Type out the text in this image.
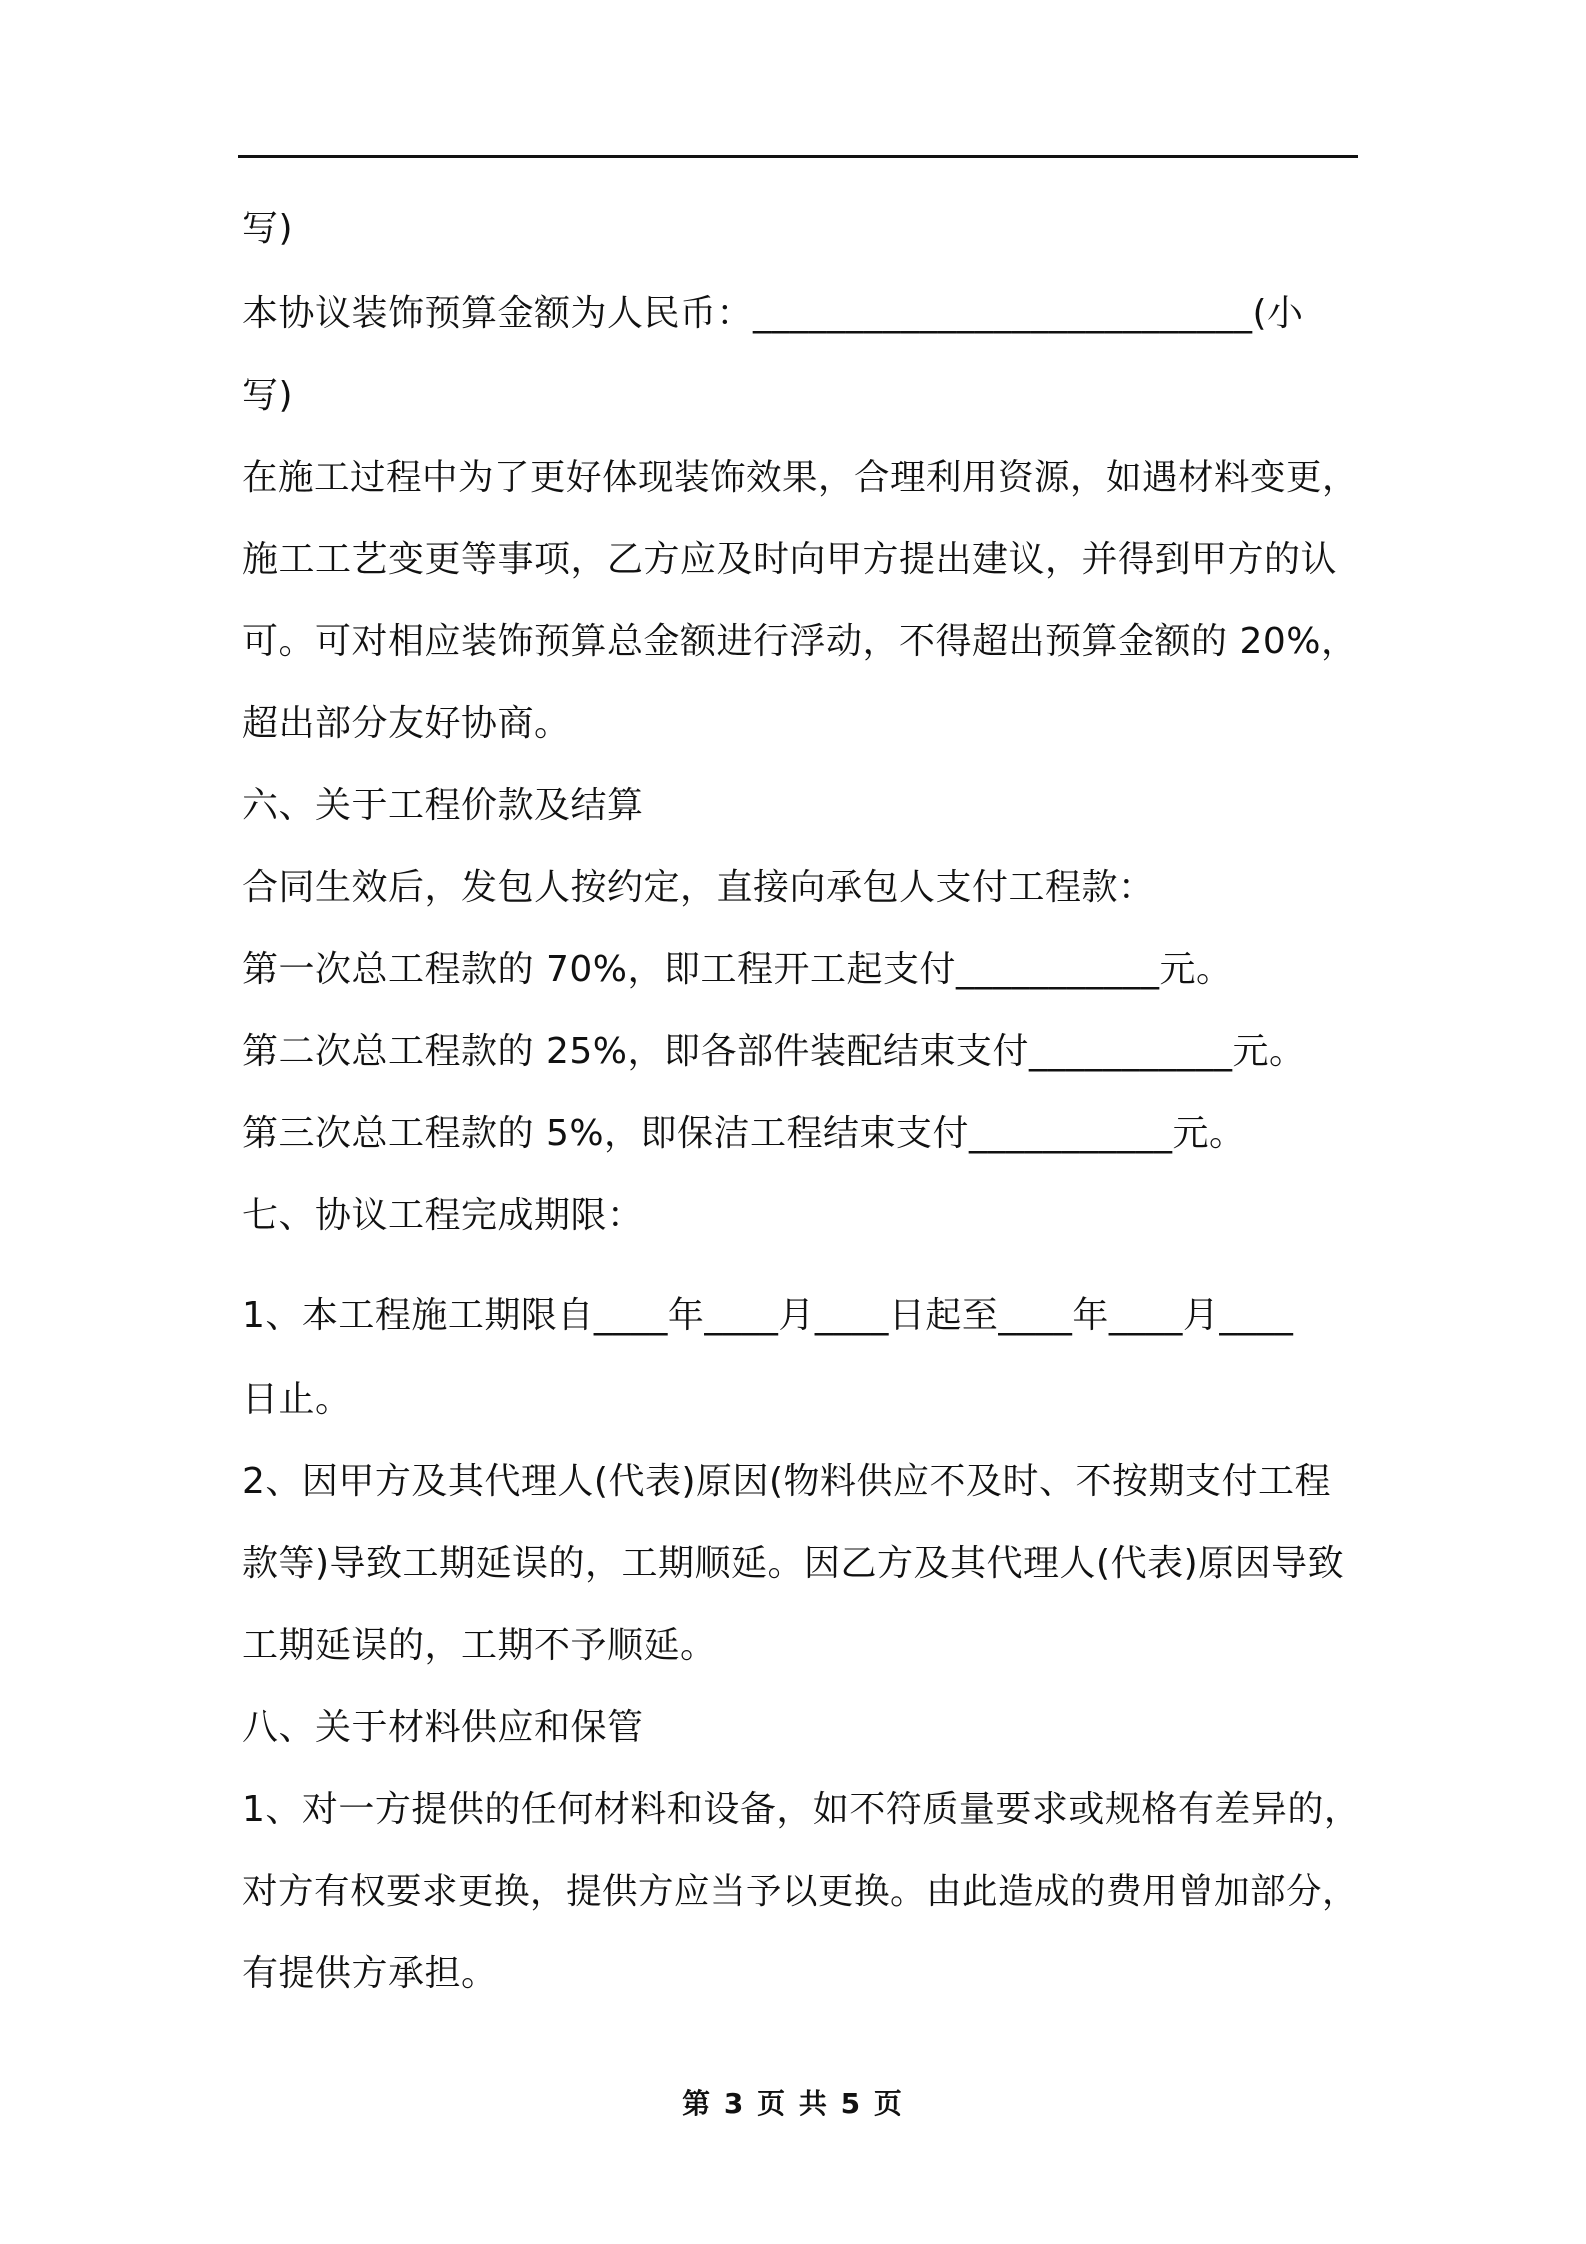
写)
本协议装饰预算金额为人民币：___________________________(小
写)
在施工过程中为了更好体现装饰效果，合理利用资源，如遇材料变更，
施工工艺变更等事项，乙方应及时向甲方提出建议，并得到甲方的认
可。可对相应装饰预算总金额进行浮动，不得超出预算金额的 20%，
超出部分友好协商。
六、关于工程价款及结算
合同生效后，发包人按约定，直接向承包人支付工程款：
第一次总工程款的 70%，即工程开工起支付___________元。
第二次总工程款的 25%，即各部件装配结束支付___________元。
第三次总工程款的 5%，即保洁工程结束支付___________元。
七、协议工程完成期限：
1、本工程施工期限自____年____月____日起至____年____月____
日止。
2、因甲方及其代理人(代表)原因(物料供应不及时、不按期支付工程
款等)导致工期延误的，工期顺延。因乙方及其代理人(代表)原因导致
工期延误的，工期不予顺延。
八、关于材料供应和保管
1、对一方提供的任何材料和设备，如不符质量要求或规格有差异的，
对方有权要求更换，提供方应当予以更换。由此造成的费用曾加部分，
有提供方承担。
第 3 页 共 5 页
